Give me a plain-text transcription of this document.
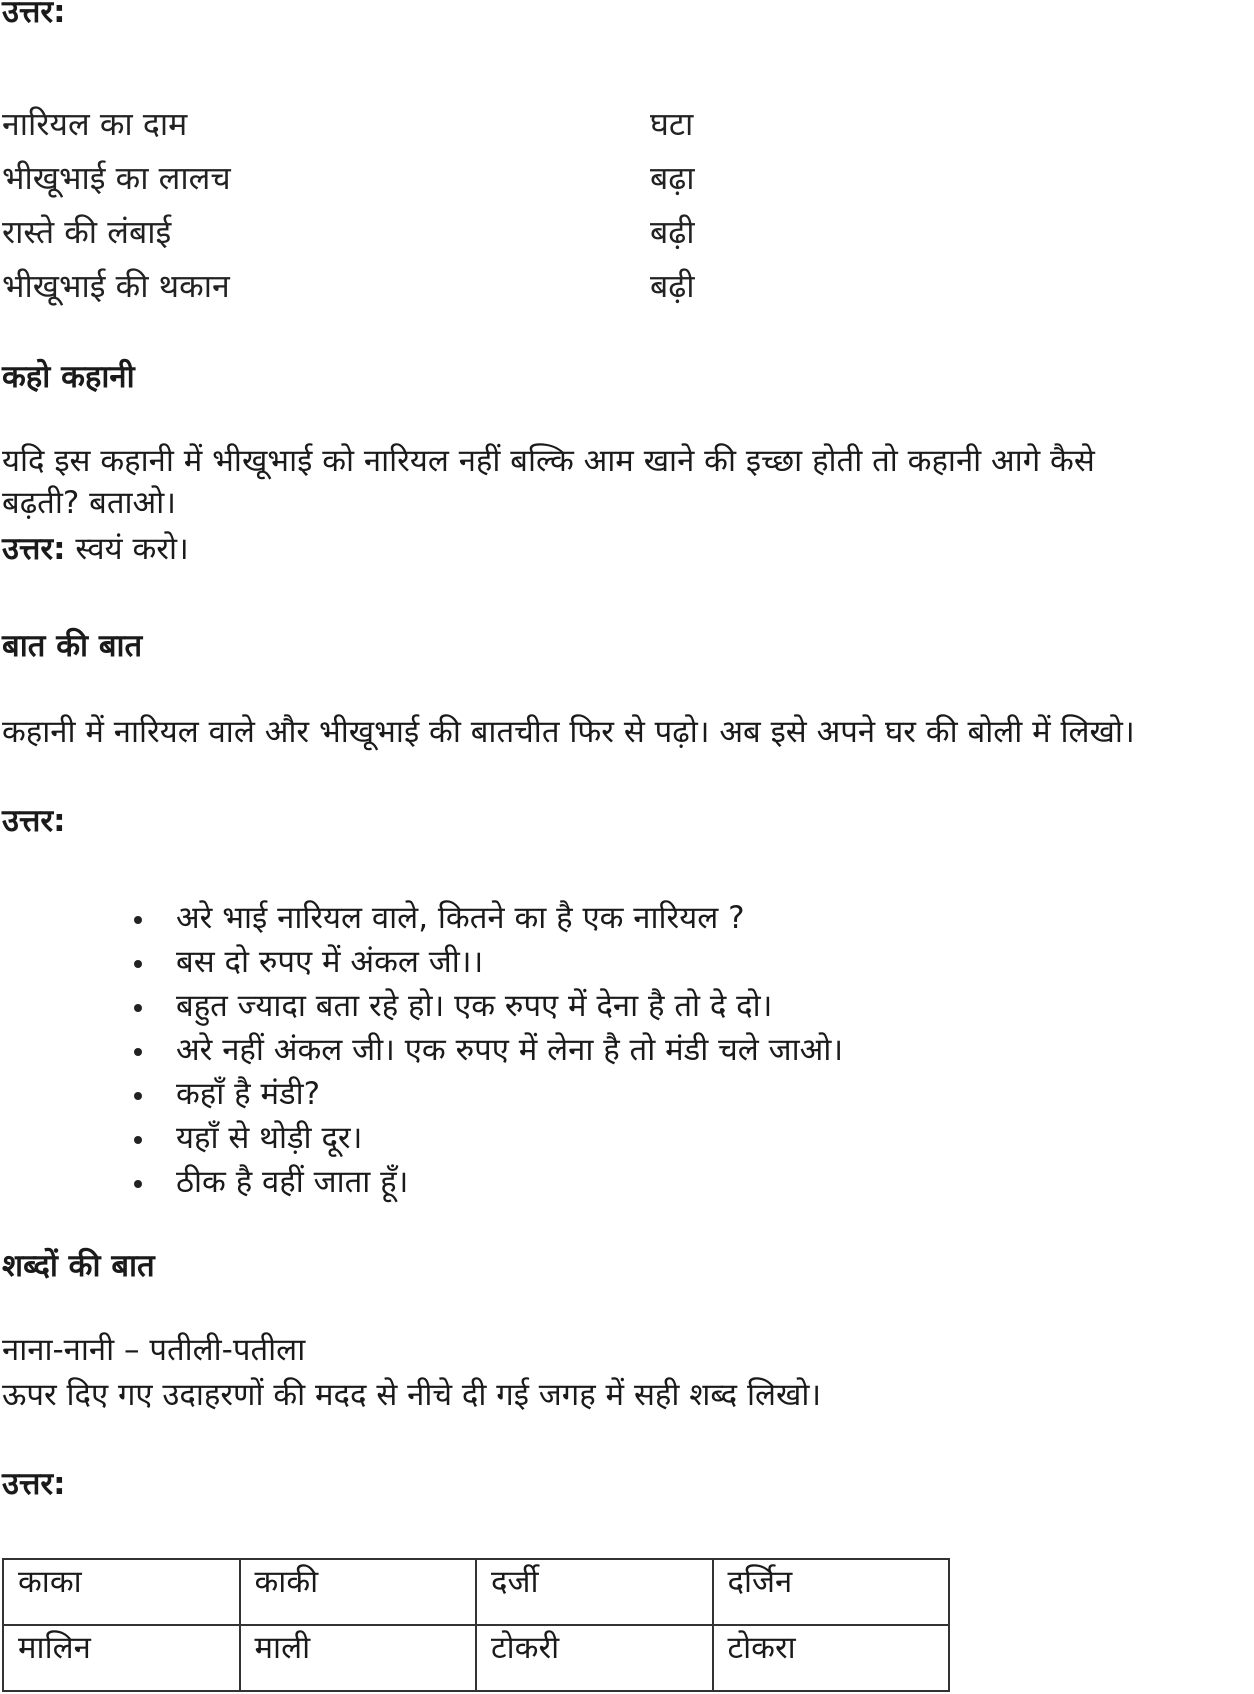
उत्तर:
नारियल का दाम	घटा
भीखूभाई का लालच	बढ़ा
रास्ते की लंबाई	बढ़ी
भीखूभाई की थकान	बढ़ी
कहो कहानी
यदि इस कहानी में भीखूभाई को नारियल नहीं बल्कि आम खाने की इच्छा होती तो कहानी आगे कैसे
बढ़ती? बताओ।
उत्तर: स्वयं करो।
बात की बात
कहानी में नारियल वाले और भीखूभाई की बातचीत फिर से पढ़ो। अब इसे अपने घर की बोली में लिखो।
उत्तर:
अरे भाई नारियल वाले, कितने का है एक नारियल ?
बस दो रुपए में अंकल जी।।
बहुत ज्यादा बता रहे हो। एक रुपए में देना है तो दे दो।
अरे नहीं अंकल जी। एक रुपए में लेना है तो मंडी चले जाओ।
कहाँ है मंडी?
यहाँ से थोड़ी दूर।
ठीक है वहीं जाता हूँ।
शब्दों की बात
नाना-नानी – पतीली-पतीला
ऊपर दिए गए उदाहरणों की मदद से नीचे दी गई जगह में सही शब्द लिखो।
उत्तर:
काका	काकी	दर्जी	दर्जिन
मालिन	माली	टोकरी	टोकरा
